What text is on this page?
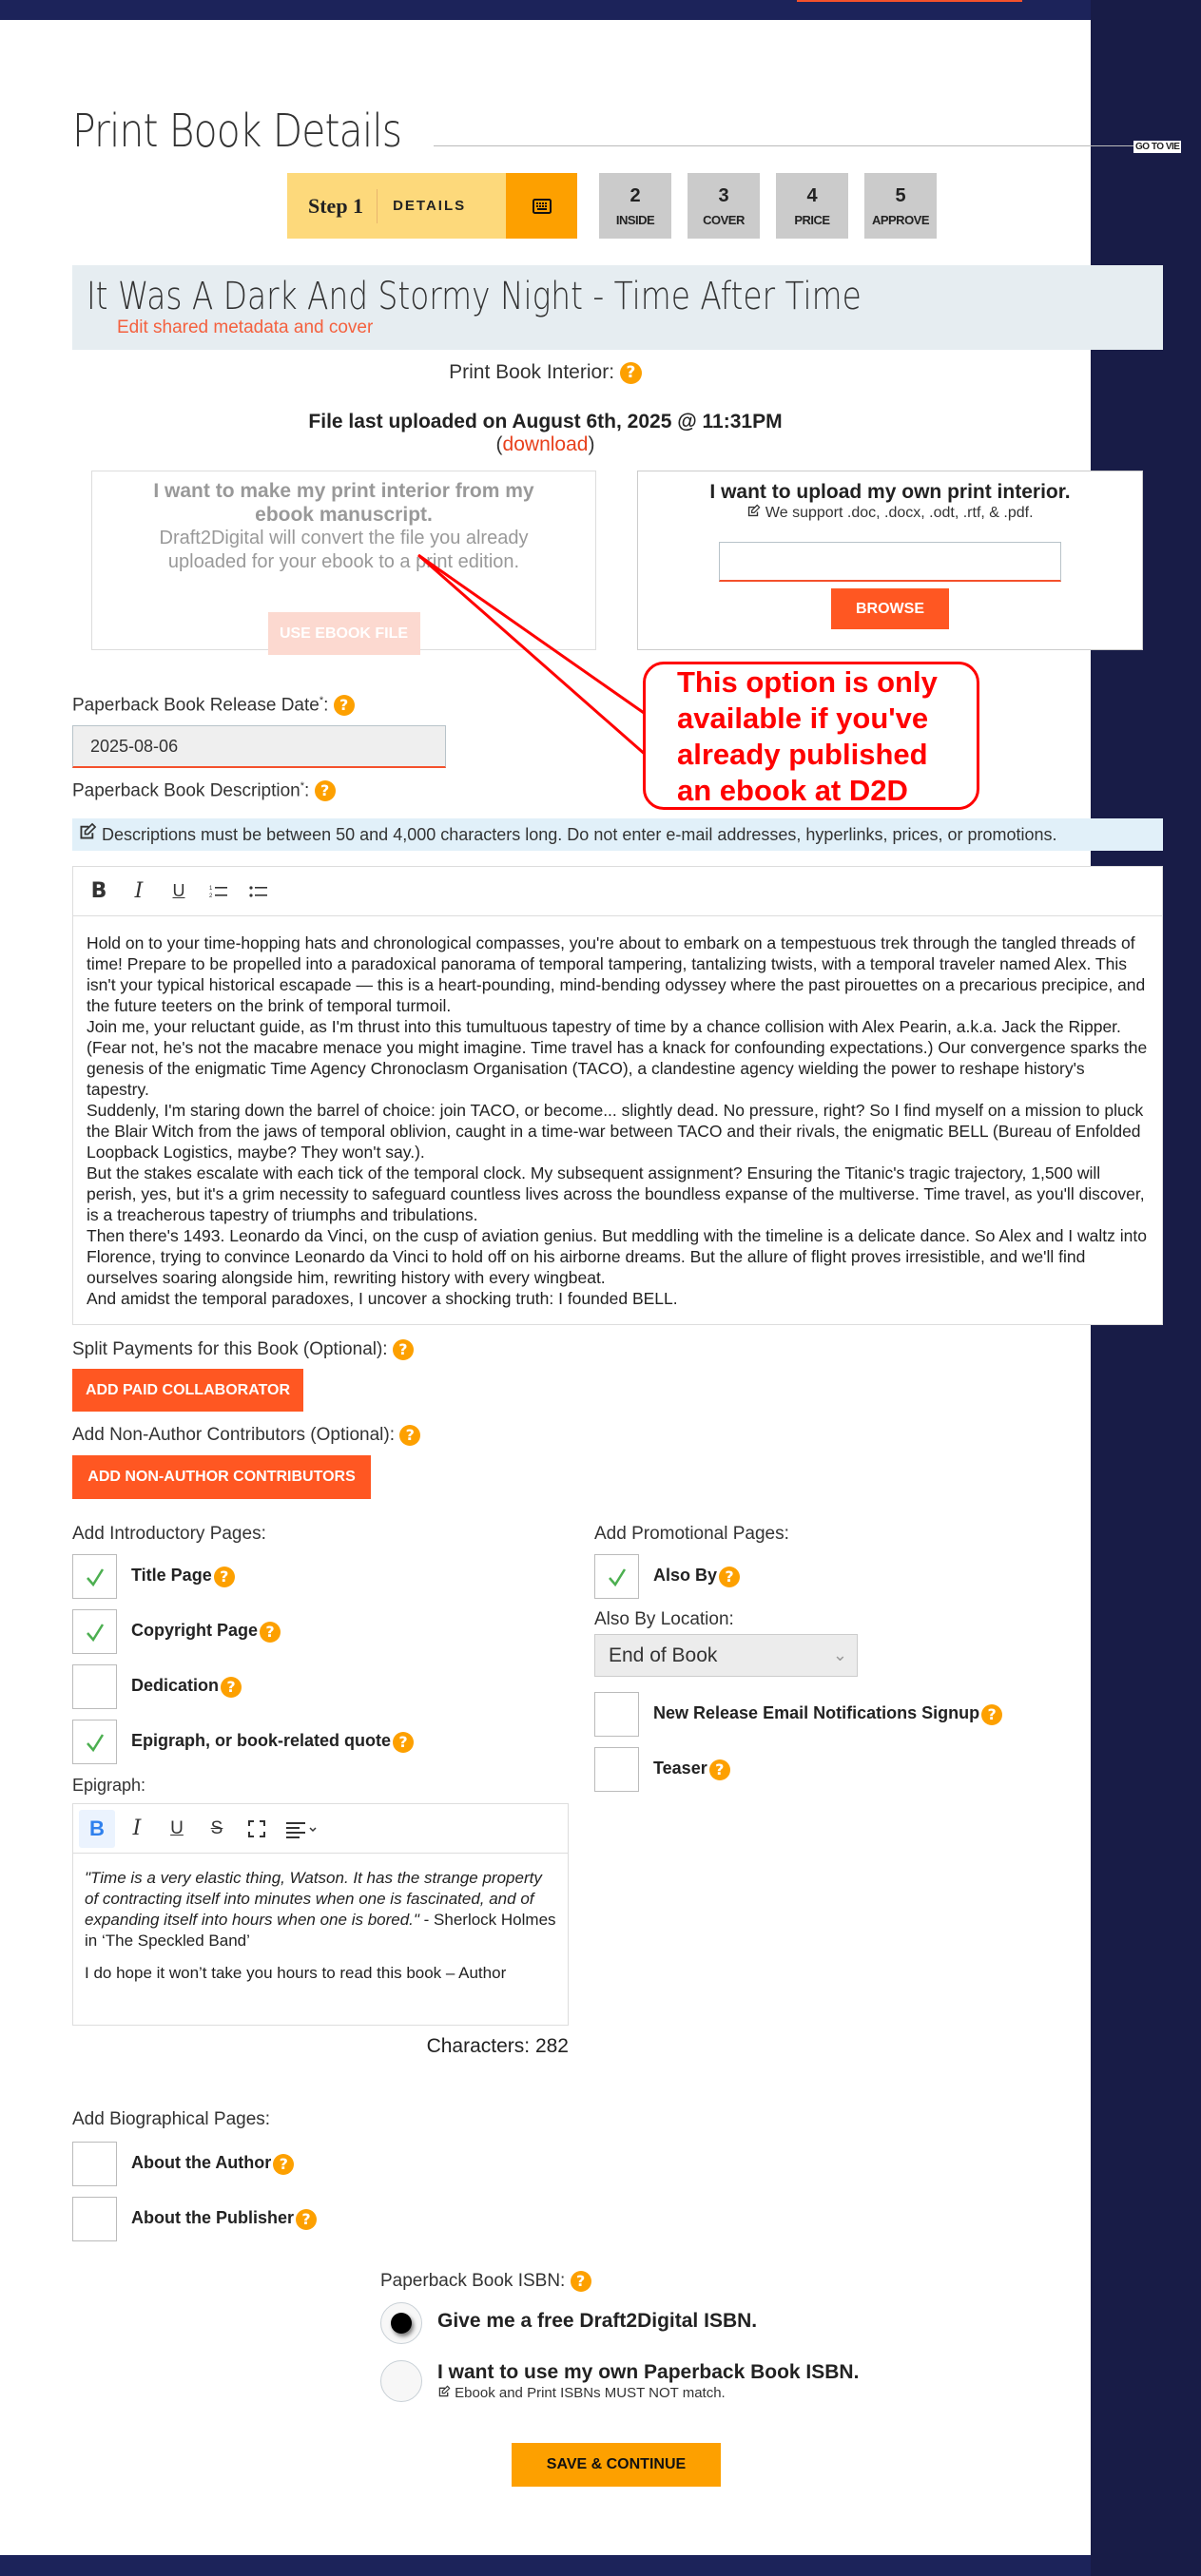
Print Book Details	GO TO VIE
Step 1	DETAILS	2
INSIDE
3
COVER
4
PRICE
5
APPROVE
It Was A Dark And Stormy Night - Time After Time
Edit shared metadata and cover
Print Book Interior: ?
File last uploaded on August 6th, 2025 @ 11:31PM
(download)
I want to make my print interior from my ebook manuscript.
Draft2Digital will convert the file you already uploaded for your ebook to a print edition.
USE EBOOK FILE
I want to upload my own print interior.
We support .doc, .docx, .odt, .rtf, & .pdf.
BROWSE
This option is only
available if you've
already published
an ebook at D2D
Paperback Book Release Date*: ?
2025-08-06
Paperback Book Description*: ?
Descriptions must be between 50 and 4,000 characters long. Do not enter e-mail addresses, hyperlinks, prices, or promotions.
B	I	U	1
2

Hold on to your time-hopping hats and chronological compasses, you're about to embark on a tempestuous trek through the tangled threads of time! Prepare to be propelled into a paradoxical panorama of temporal tampering, tantalizing twists, with a temporal traveler named Alex. This isn't your typical historical escapade — this is a heart-pounding, mind-bending odyssey where the past pirouettes on a precarious precipice, and the future teeters on the brink of temporal turmoil.

Join me, your reluctant guide, as I'm thrust into this tumultuous tapestry of time by a chance collision with Alex Pearin, a.k.a. Jack the Ripper. (Fear not, he's not the macabre menace you might imagine. Time travel has a knack for confounding expectations.) Our convergence sparks the genesis of the enigmatic Time Agency Chronoclasm Organisation (TACO), a clandestine agency wielding the power to reshape history's tapestry.

Suddenly, I'm staring down the barrel of choice: join TACO, or become... slightly dead. No pressure, right? So I find myself on a mission to pluck the Blair Witch from the jaws of temporal oblivion, caught in a time-war between TACO and their rivals, the enigmatic BELL (Bureau of Enfolded Loopback Logistics, maybe? They won't say.).

But the stakes escalate with each tick of the temporal clock. My subsequent assignment? Ensuring the Titanic's tragic trajectory, 1,500 will perish, yes, but it's a grim necessity to safeguard countless lives across the boundless expanse of the multiverse. Time travel, as you'll discover, is a treacherous tapestry of triumphs and tribulations.

Then there's 1493. Leonardo da Vinci, on the cusp of aviation genius. But meddling with the timeline is a delicate dance. So Alex and I waltz into Florence, trying to convince Leonardo da Vinci to hold off on his airborne dreams. But the allure of flight proves irresistible, and we'll find ourselves soaring alongside him, rewriting history with every wingbeat.

And amidst the temporal paradoxes, I uncover a shocking truth: I founded BELL.

Split Payments for this Book (Optional): ?
ADD PAID COLLABORATOR
Add Non-Author Contributors (Optional): ?
ADD NON-AUTHOR CONTRIBUTORS
Add Introductory Pages:
Title Page ?
Copyright Page ?
Dedication ?
Epigraph, or book-related quote ?
Add Promotional Pages:
Also By ?
Also By Location:
End of Book	⌄
New Release Email Notifications Signup ?
Teaser ?
Epigraph:
B	I	U	S

"Time is a very elastic thing, Watson. It has the strange property of contracting itself into minutes when one is fascinated, and of expanding itself into hours when one is bored." - Sherlock Holmes in ‘The Speckled Band’

I do hope it won’t take you hours to read this book – Author

Characters: 282
Add Biographical Pages:
About the Author ?
About the Publisher ?
Paperback Book ISBN: ?
Give me a free Draft2Digital ISBN.
I want to use my own Paperback Book ISBN.
Ebook and Print ISBNs MUST NOT match.
SAVE & CONTINUE
